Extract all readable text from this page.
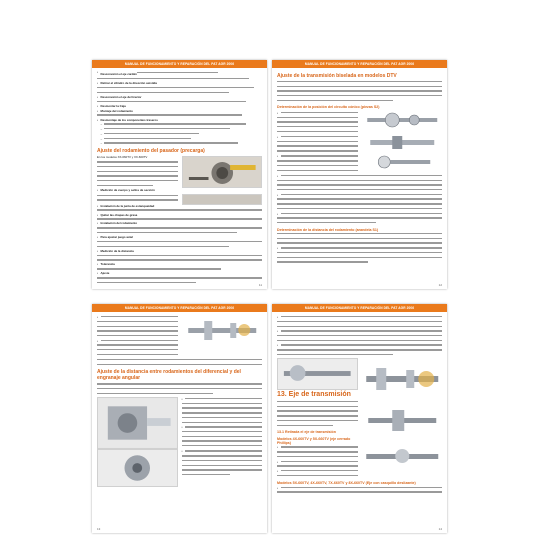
MANUAL DE FUNCIONAMIENTO Y REPARACIÓN DEL PAT AGR 2006
• Desconexión el eje cardán
• Retirar el cilindro de la dirección asistida
• Desconexión el eje del tractor
• Desmontar la Caja
• Montaje del rodamiento
• Desmontaje de los componentes traseros
–
–
–
–
–
Ajuste del rodamiento del pasador (precarga)
En los modelos XX-660TV y XX-660TV
• Medición de cuerpo y sellos de sección
• Instalación de la junta de estanqueidad
• Quitar las chapas de grasa
• Instalación del rodamiento
• Para ajustar juego axial
• Medición de la distancia
• Tolerancia
• Ajuste
11
MANUAL DE FUNCIONAMIENTO Y REPARACIÓN DEL PAT AGR 2006
Ajuste de la transmisión biselada en modelos DTV
Determinación de la posición del circuito cónico (piezas S2)
•
•
•
•
•
•
Determinación de la distancia del rodamiento (arandela S1)
•
12
MANUAL DE FUNCIONAMIENTO Y REPARACIÓN DEL PAT AGR 2006
•
•
Ajuste de la distancia entre rodamientos del diferencial y del engranaje angular
•
•
•
13
MANUAL DE FUNCIONAMIENTO Y REPARACIÓN DEL PAT AGR 2006
•
•
•
13. Eje de transmisión
13.1 Retirada el eje de transmisión
Modelos 4X-660TV y 5X-660TV (eje cerrado Phillips)
•
•
•
Modelos 5X-660TV, 4X-660TV, 7X-660TV y 8X-660TV (Eje con casquillo deslizante)
•
14
